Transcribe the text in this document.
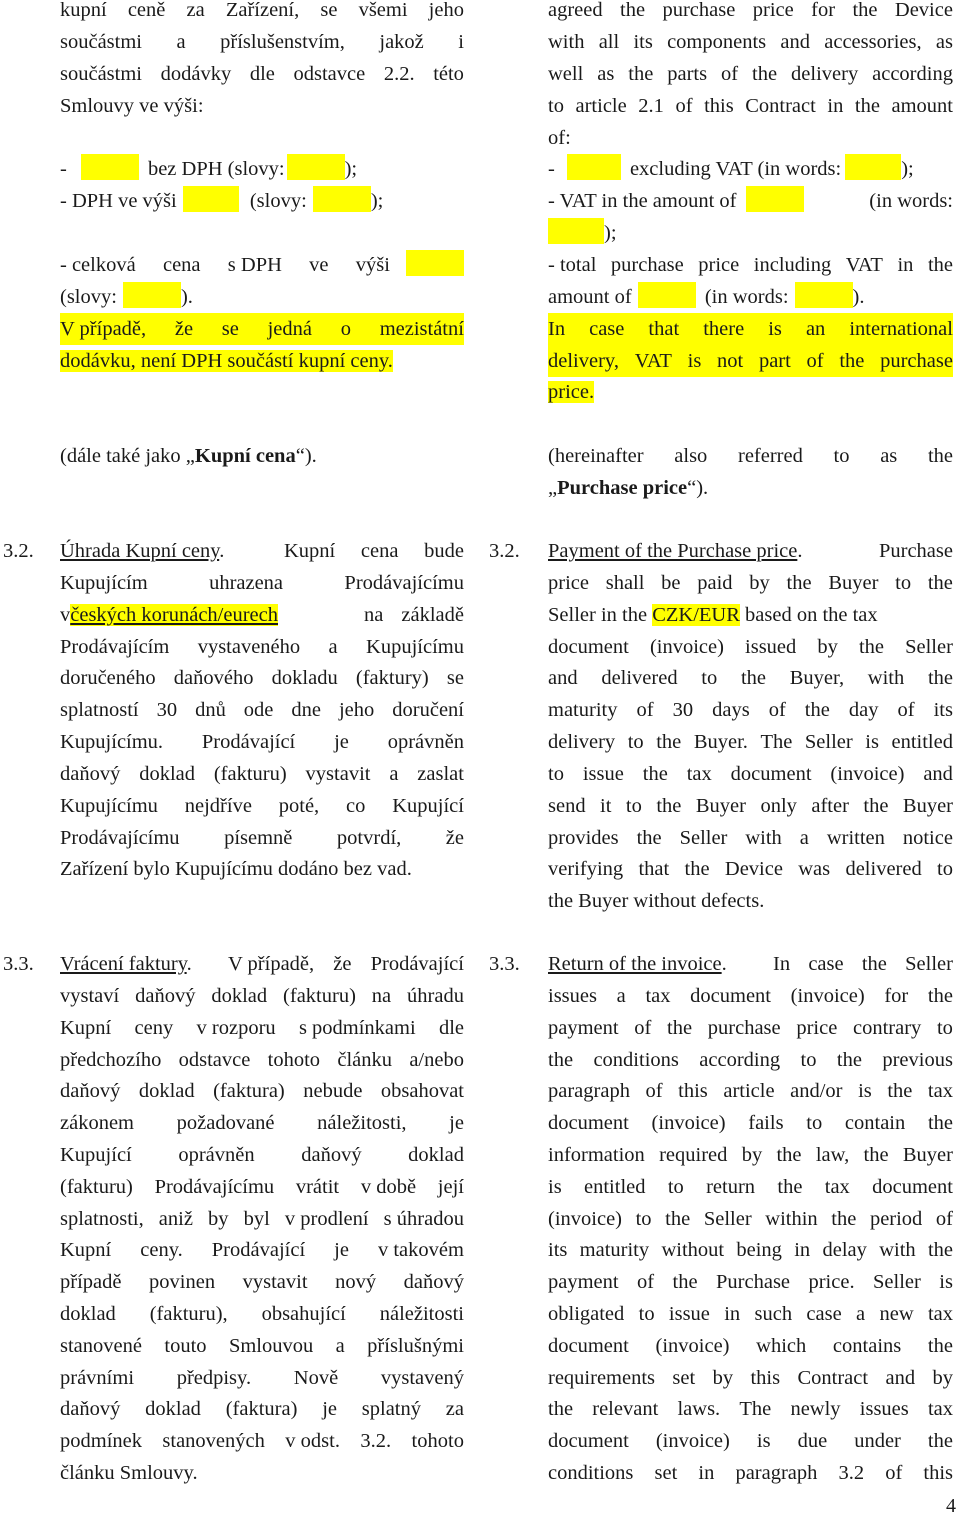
kupní ceně za Zařízení, se všemi jeho
součástmi a příslušenstvím, jakož i
součástmi dodávky dle odstavce 2.2. této
Smlouvy ve výši:
-	bez DPH (slovy:	);
- DPH ve výši	(slovy:	);
- celková cena s DPH ve výši
(slovy:	).
V případě, že se jedná o mezistátní
dodávku, není DPH součástí kupní ceny.
(dále také jako „Kupní cena“).
Úhrada Kupní ceny.	Kupní cena bude
Kupujícím	uhrazena	Prodávajícímu
včeských korunách/eurech	na základě
Prodávajícím vystaveného a Kupujícímu
doručeného daňového dokladu (faktury) se
splatností 30 dnů ode dne jeho doručení
Kupujícímu. Prodávající je oprávněn
daňový doklad (fakturu) vystavit a zaslat
Kupujícímu nejdříve poté, co Kupující
Prodávajícímu písemně potvrdí, že
Zařízení bylo Kupujícímu dodáno bez vad.
Vrácení faktury. V případě, že Prodávající
vystaví daňový doklad (fakturu) na úhradu
Kupní ceny v rozporu s podmínkami dle
předchozího odstavce tohoto článku a/nebo
daňový doklad (faktura) nebude obsahovat
zákonem požadované náležitosti, je
Kupující oprávněn daňový doklad
(fakturu) Prodávajícímu vrátit v době její
splatnosti, aniž by byl v prodlení s úhradou
Kupní ceny. Prodávající je v takovém
případě povinen vystavit nový daňový
doklad (fakturu), obsahující náležitosti
stanovené touto Smlouvou a příslušnými
právními předpisy. Nově vystavený
daňový doklad (faktura) je splatný za
podmínek stanovených v odst. 3.2. tohoto
článku Smlouvy.
3.2.
3.3.
3.2.
3.3.
agreed the purchase price for the Device
with all its components and accessories, as
well as the parts of the delivery according
to article 2.1 of this Contract in the amount
of:
-	excluding VAT (in words:	);
- VAT in the amount of	(in words:
);
- total purchase price including VAT in the
amount of	(in words:	).
In case that there is an international
delivery, VAT is not part of the purchase
price.
(hereinafter also referred to as the
„Purchase price“).
Payment of the Purchase price.	Purchase
price shall be paid by the Buyer to the
Seller in the CZK/EUR based on the tax
document (invoice) issued by the Seller
and delivered to the Buyer, with the
maturity of 30 days of the day of its
delivery to the Buyer. The Seller is entitled
to issue the tax document (invoice) and
send it to the Buyer only after the Buyer
provides the Seller with a written notice
verifying that the Device was delivered to
the Buyer without defects.
Return of the invoice. In case the Seller
issues a tax document (invoice) for the
payment of the purchase price contrary to
the conditions according to the previous
paragraph of this article and/or is the tax
document (invoice) fails to contain the
information required by the law, the Buyer
is entitled to return the tax document
(invoice) to the Seller within the period of
its maturity without being in delay with the
payment of the Purchase price. Seller is
obligated to issue in such case a new tax
document (invoice) which contains the
requirements set by this Contract and by
the relevant laws. The newly issues tax
document (invoice) is due under the
conditions set in paragraph 3.2 of this
4
